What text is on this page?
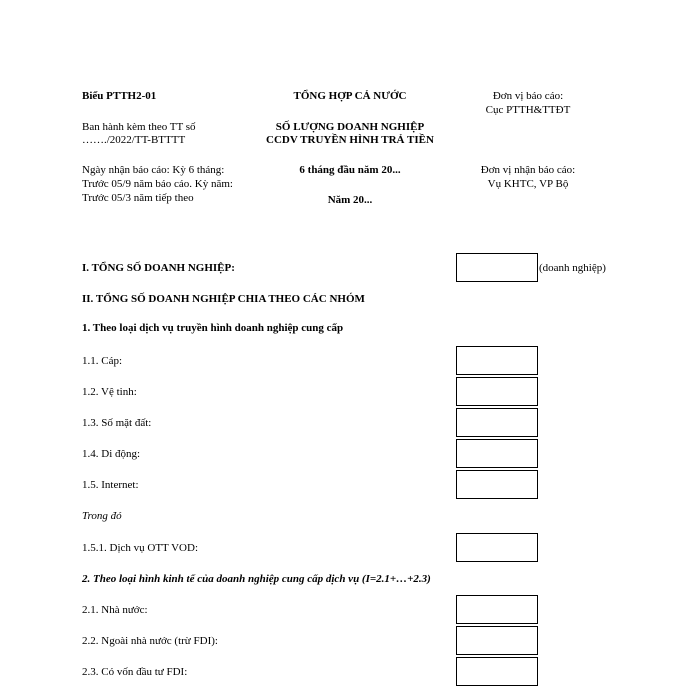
Biểu PTTH2-01
Ban hành kèm theo TT số
……./2022/TT-BTTTT
Ngày nhận báo cáo: Kỳ 6 tháng:
Trước 05/9 năm báo cáo. Kỳ năm:
Trước 05/3 năm tiếp theo
TỔNG HỢP CẢ NƯỚC
SỐ LƯỢNG DOANH NGHIỆP
CCDV TRUYỀN HÌNH TRẢ TIỀN
6 tháng đầu năm 20...
Năm 20...
Đơn vị báo cáo:
Cục PTTH&TTĐT
Đơn vị nhận báo cáo:
Vụ KHTC, VP Bộ
I. TỔNG SỐ DOANH NGHIỆP:	(doanh nghiệp)
II. TỔNG SỐ DOANH NGHIỆP CHIA THEO CÁC NHÓM
1. Theo loại dịch vụ truyền hình doanh nghiệp cung cấp
1.1. Cáp:
1.2. Vệ tinh:
1.3. Số mặt đất:
1.4. Di động:
1.5. Internet:
Trong đó
1.5.1. Dịch vụ OTT VOD:
2. Theo loại hình kinh tế của doanh nghiệp cung cấp dịch vụ (I=2.1+…+2.3)
2.1. Nhà nước:
2.2. Ngoài nhà nước (trừ FDI):
2.3. Có vốn đầu tư FDI:
